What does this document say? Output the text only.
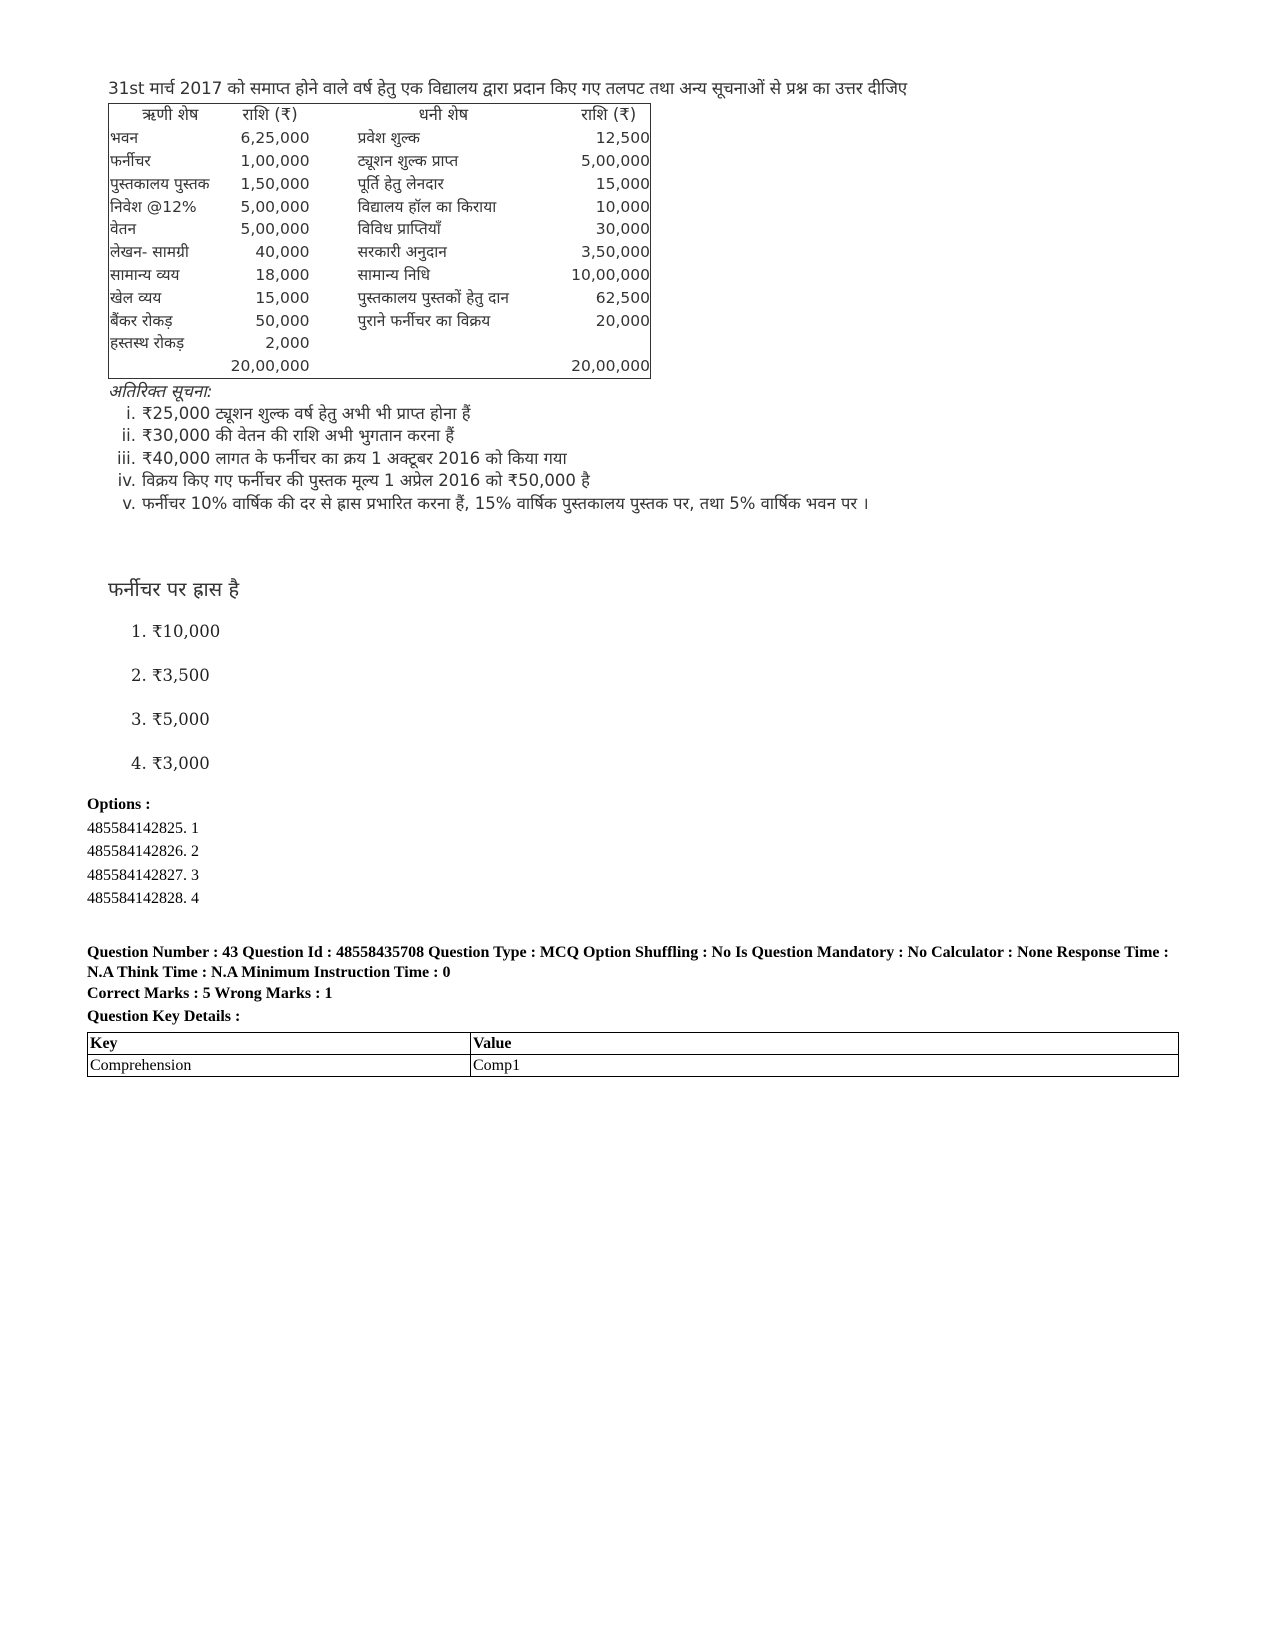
31st मार्च 2017 को समाप्त होने वाले वर्ष हेतु एक विद्यालय द्वारा प्रदान किए गए तलपट तथा अन्य सूचनाओं से प्रश्न का उत्तर दीजिए
ऋणी शेष	राशि (₹)	धनी शेष	राशि (₹)
भवन	6,25,000	प्रवेश शुल्क	12,500
फर्नीचर	1,00,000	ट्यूशन शुल्क प्राप्त	5,00,000
पुस्तकालय पुस्तक	1,50,000	पूर्ति हेतु लेनदार	15,000
निवेश @12%	5,00,000	विद्यालय हॉल का किराया	10,000
वेतन	5,00,000	विविध प्राप्तियाँ	30,000
लेखन- सामग्री	40,000	सरकारी अनुदान	3,50,000
सामान्य व्यय	18,000	सामान्य निधि	10,00,000
खेल व्यय	15,000	पुस्तकालय पुस्तकों हेतु दान	62,500
बैंकर रोकड़	50,000	पुराने फर्नीचर का विक्रय	20,000
हस्तस्थ रोकड़	2,000		
	20,00,000		20,00,000
अतिरिक्त सूचना:
i. ₹25,000 ट्यूशन शुल्क वर्ष हेतु अभी भी प्राप्त होना हैं
ii. ₹30,000 की वेतन की राशि अभी भुगतान करना हैं
iii. ₹40,000 लागत के फर्नीचर का क्रय 1 अक्टूबर 2016 को किया गया
iv. विक्रय किए गए फर्नीचर की पुस्तक मूल्य 1 अप्रेल 2016 को ₹50,000 है
v. फर्नीचर 10% वार्षिक की दर से ह्रास प्रभारित करना हैं, 15% वार्षिक पुस्तकालय पुस्तक पर, तथा 5% वार्षिक भवन पर ।
फर्नीचर पर ह्रास है
1. ₹10,000
2. ₹3,500
3. ₹5,000
4. ₹3,000
Options :
485584142825. 1
485584142826. 2
485584142827. 3
485584142828. 4
Question Number : 43 Question Id : 48558435708 Question Type : MCQ Option Shuffling : No Is Question Mandatory : No Calculator : None Response Time : N.A Think Time : N.A Minimum Instruction Time : 0
Correct Marks : 5 Wrong Marks : 1
Question Key Details :
Key	Value
Comprehension	Comp1
